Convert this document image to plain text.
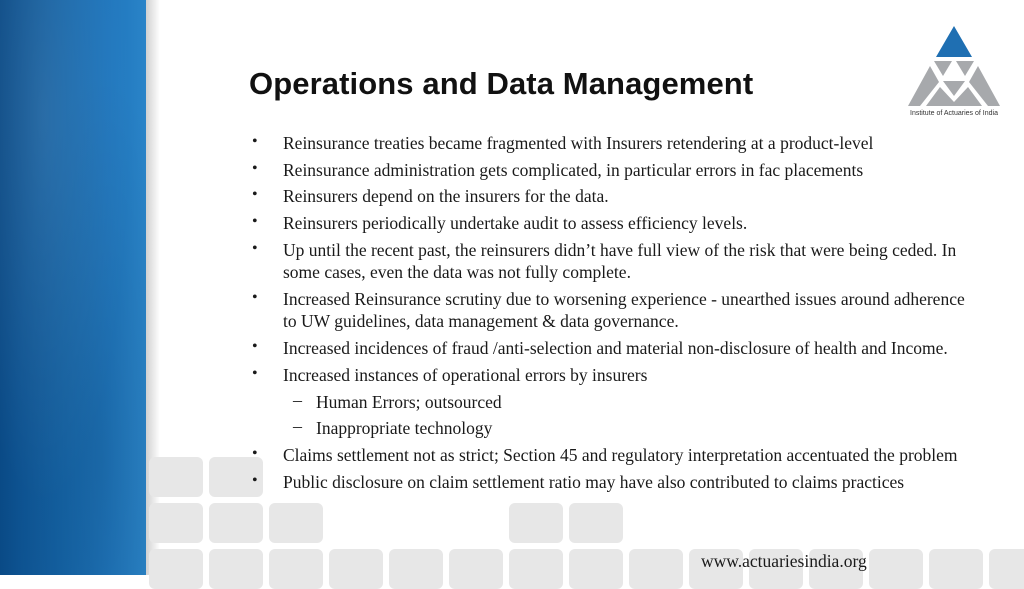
Operations and Data Management
Institute of Actuaries of India
• Reinsurance treaties became fragmented with Insurers retendering at a product-level
• Reinsurance administration gets complicated, in particular errors in fac placements
• Reinsurers depend on the insurers for the data.
• Reinsurers periodically undertake audit to assess efficiency levels.
• Up until the recent past, the reinsurers didn’t have full view of the risk that were being ceded. In some cases, even the data was not fully complete.
• Increased Reinsurance scrutiny due to worsening experience - unearthed issues around adherence to UW guidelines, data management & data governance.
• Increased incidences of fraud /anti-selection and material non-disclosure of health and Income.
• Increased instances of operational errors by insurers
– Human Errors; outsourced
– Inappropriate technology
• Claims settlement not as strict; Section 45 and regulatory interpretation accentuated the problem
• Public disclosure on claim settlement ratio may have also contributed to claims practices
www.actuariesindia.org
